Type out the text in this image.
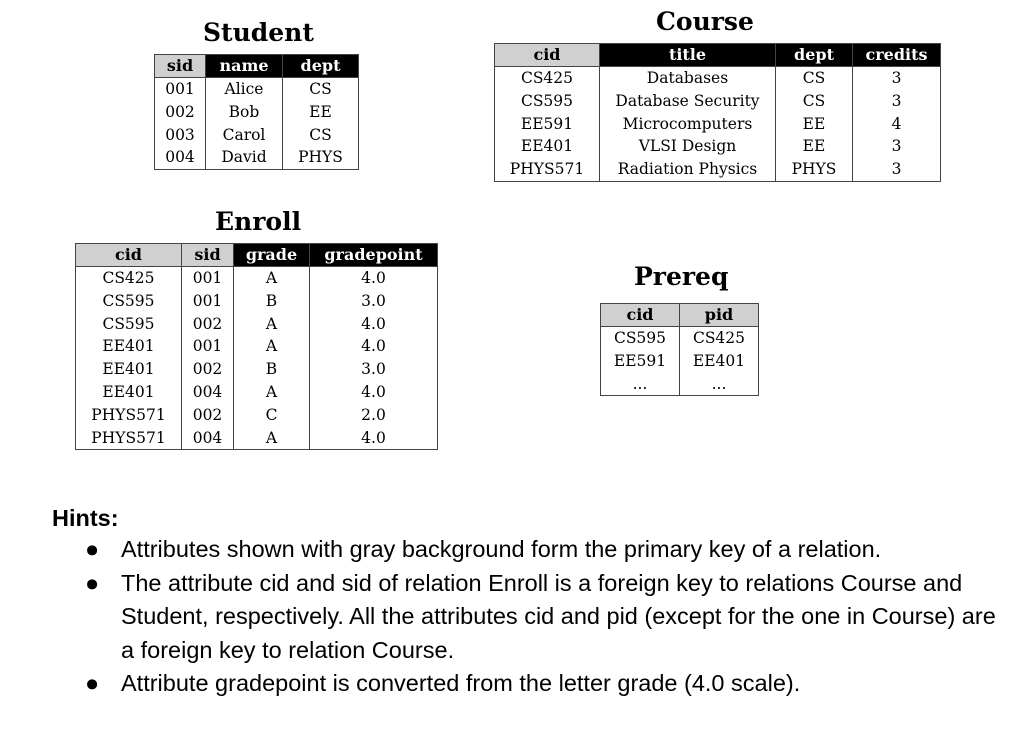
Student
sid	name	dept
001	Alice	CS
002	Bob	EE
003	Carol	CS
004	David	PHYS
Course
cid	title	dept	credits
CS425	Databases	CS	3
CS595	Database Security	CS	3
EE591	Microcomputers	EE	4
EE401	VLSI Design	EE	3
PHYS571	Radiation Physics	PHYS	3
Enroll
cid	sid	grade	gradepoint
CS425	001	A	4.0
CS595	001	B	3.0
CS595	002	A	4.0
EE401	001	A	4.0
EE401	002	B	3.0
EE401	004	A	4.0
PHYS571	002	C	2.0
PHYS571	004	A	4.0
Prereq
cid	pid
CS595	CS425
EE591	EE401
...	...
Hints:
● Attributes shown with gray background form the primary key of a relation.
● The attribute cid and sid of relation Enroll is a foreign key to relations Course and Student, respectively. All the attributes cid and pid (except for the one in Course) are a foreign key to relation Course.
● Attribute gradepoint is converted from the letter grade (4.0 scale).
